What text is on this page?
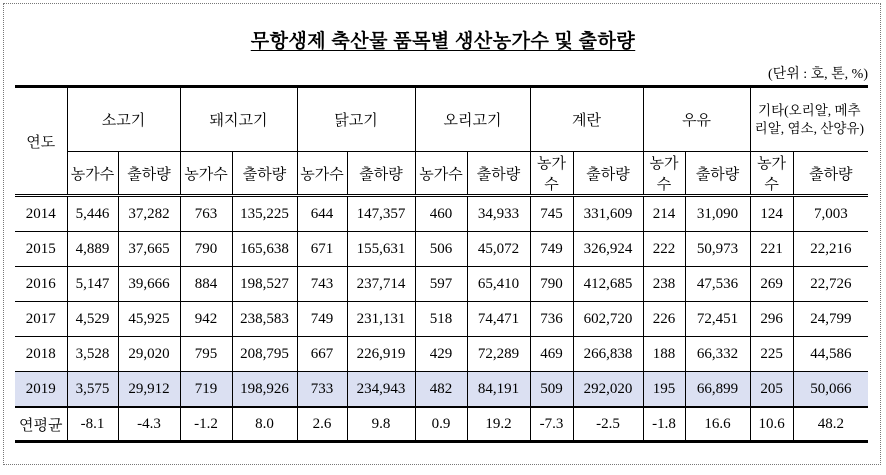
무항생제 축산물 품목별 생산농가수 및 출하량
(단위 : 호, 톤, %)
연도	소고기		돼지고기		닭고기		오리고기		계란		우유		기타(오리알, 메추리알, 염소, 산양유)	
	농가수	출하량	농가수	출하량	농가수	출하량	농가수	출하량	농가수	출하량	농가수	출하량	농가수	출하량
2014	5,446	37,282	763	135,225	644	147,357	460	34,933	745	331,609	214	31,090	124	7,003
2015	4,889	37,665	790	165,638	671	155,631	506	45,072	749	326,924	222	50,973	221	22,216
2016	5,147	39,666	884	198,527	743	237,714	597	65,410	790	412,685	238	47,536	269	22,726
2017	4,529	45,925	942	238,583	749	231,131	518	74,471	736	602,720	226	72,451	296	24,799
2018	3,528	29,020	795	208,795	667	226,919	429	72,289	469	266,838	188	66,332	225	44,586
2019	3,575	29,912	719	198,926	733	234,943	482	84,191	509	292,020	195	66,899	205	50,066
연평균	-8.1	-4.3	-1.2	8.0	2.6	9.8	0.9	19.2	-7.3	-2.5	-1.8	16.6	10.6	48.2
